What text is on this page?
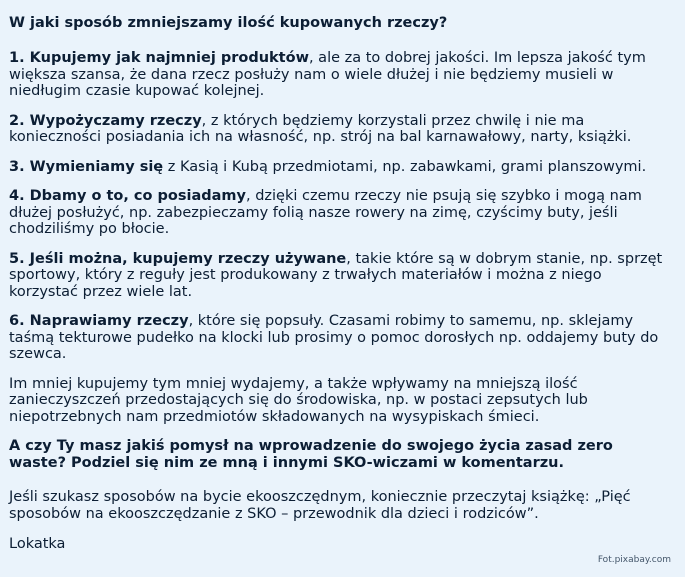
W jaki sposób zmniejszamy ilość kupowanych rzeczy?

1. Kupujemy jak najmniej produktów, ale za to dobrej jakości. Im lepsza jakość tym większa szansa, że dana rzecz posłuży nam o wiele dłużej i nie będziemy musieli w niedługim czasie kupować kolejnej.

2. Wypożyczamy rzeczy, z których będziemy korzystali przez chwilę i nie ma konieczności posiadania ich na własność, np. strój na bal karnawałowy, narty, książki.

3. Wymieniamy się z Kasią i Kubą przedmiotami, np. zabawkami, grami planszowymi.

4. Dbamy o to, co posiadamy, dzięki czemu rzeczy nie psują się szybko i mogą nam dłużej posłużyć, np. zabezpieczamy folią nasze rowery na zimę, czyścimy buty, jeśli chodziliśmy po błocie.

5. Jeśli można, kupujemy rzeczy używane, takie które są w dobrym stanie, np. sprzęt sportowy, który z reguły jest produkowany z trwałych materiałów i można z niego korzystać przez wiele lat.

6. Naprawiamy rzeczy, które się popsuły. Czasami robimy to samemu, np. sklejamy taśmą tekturowe pudełko na klocki lub prosimy o pomoc dorosłych np. oddajemy buty do szewca.

Im mniej kupujemy tym mniej wydajemy, a także wpływamy na mniejszą ilość zanieczyszczeń przedostających się do środowiska, np. w postaci zepsutych lub niepotrzebnych nam przedmiotów składowanych na wysypiskach śmieci.

A czy Ty masz jakiś pomysł na wprowadzenie do swojego życia zasad zero waste? Podziel się nim ze mną i innymi SKO-wiczami w komentarzu.

Jeśli szukasz sposobów na bycie ekooszczędnym, koniecznie przeczytaj książkę: „Pięć sposobów na ekooszczędzanie z SKO – przewodnik dla dzieci i rodziców”.

Lokatka

Fot.pixabay.com
